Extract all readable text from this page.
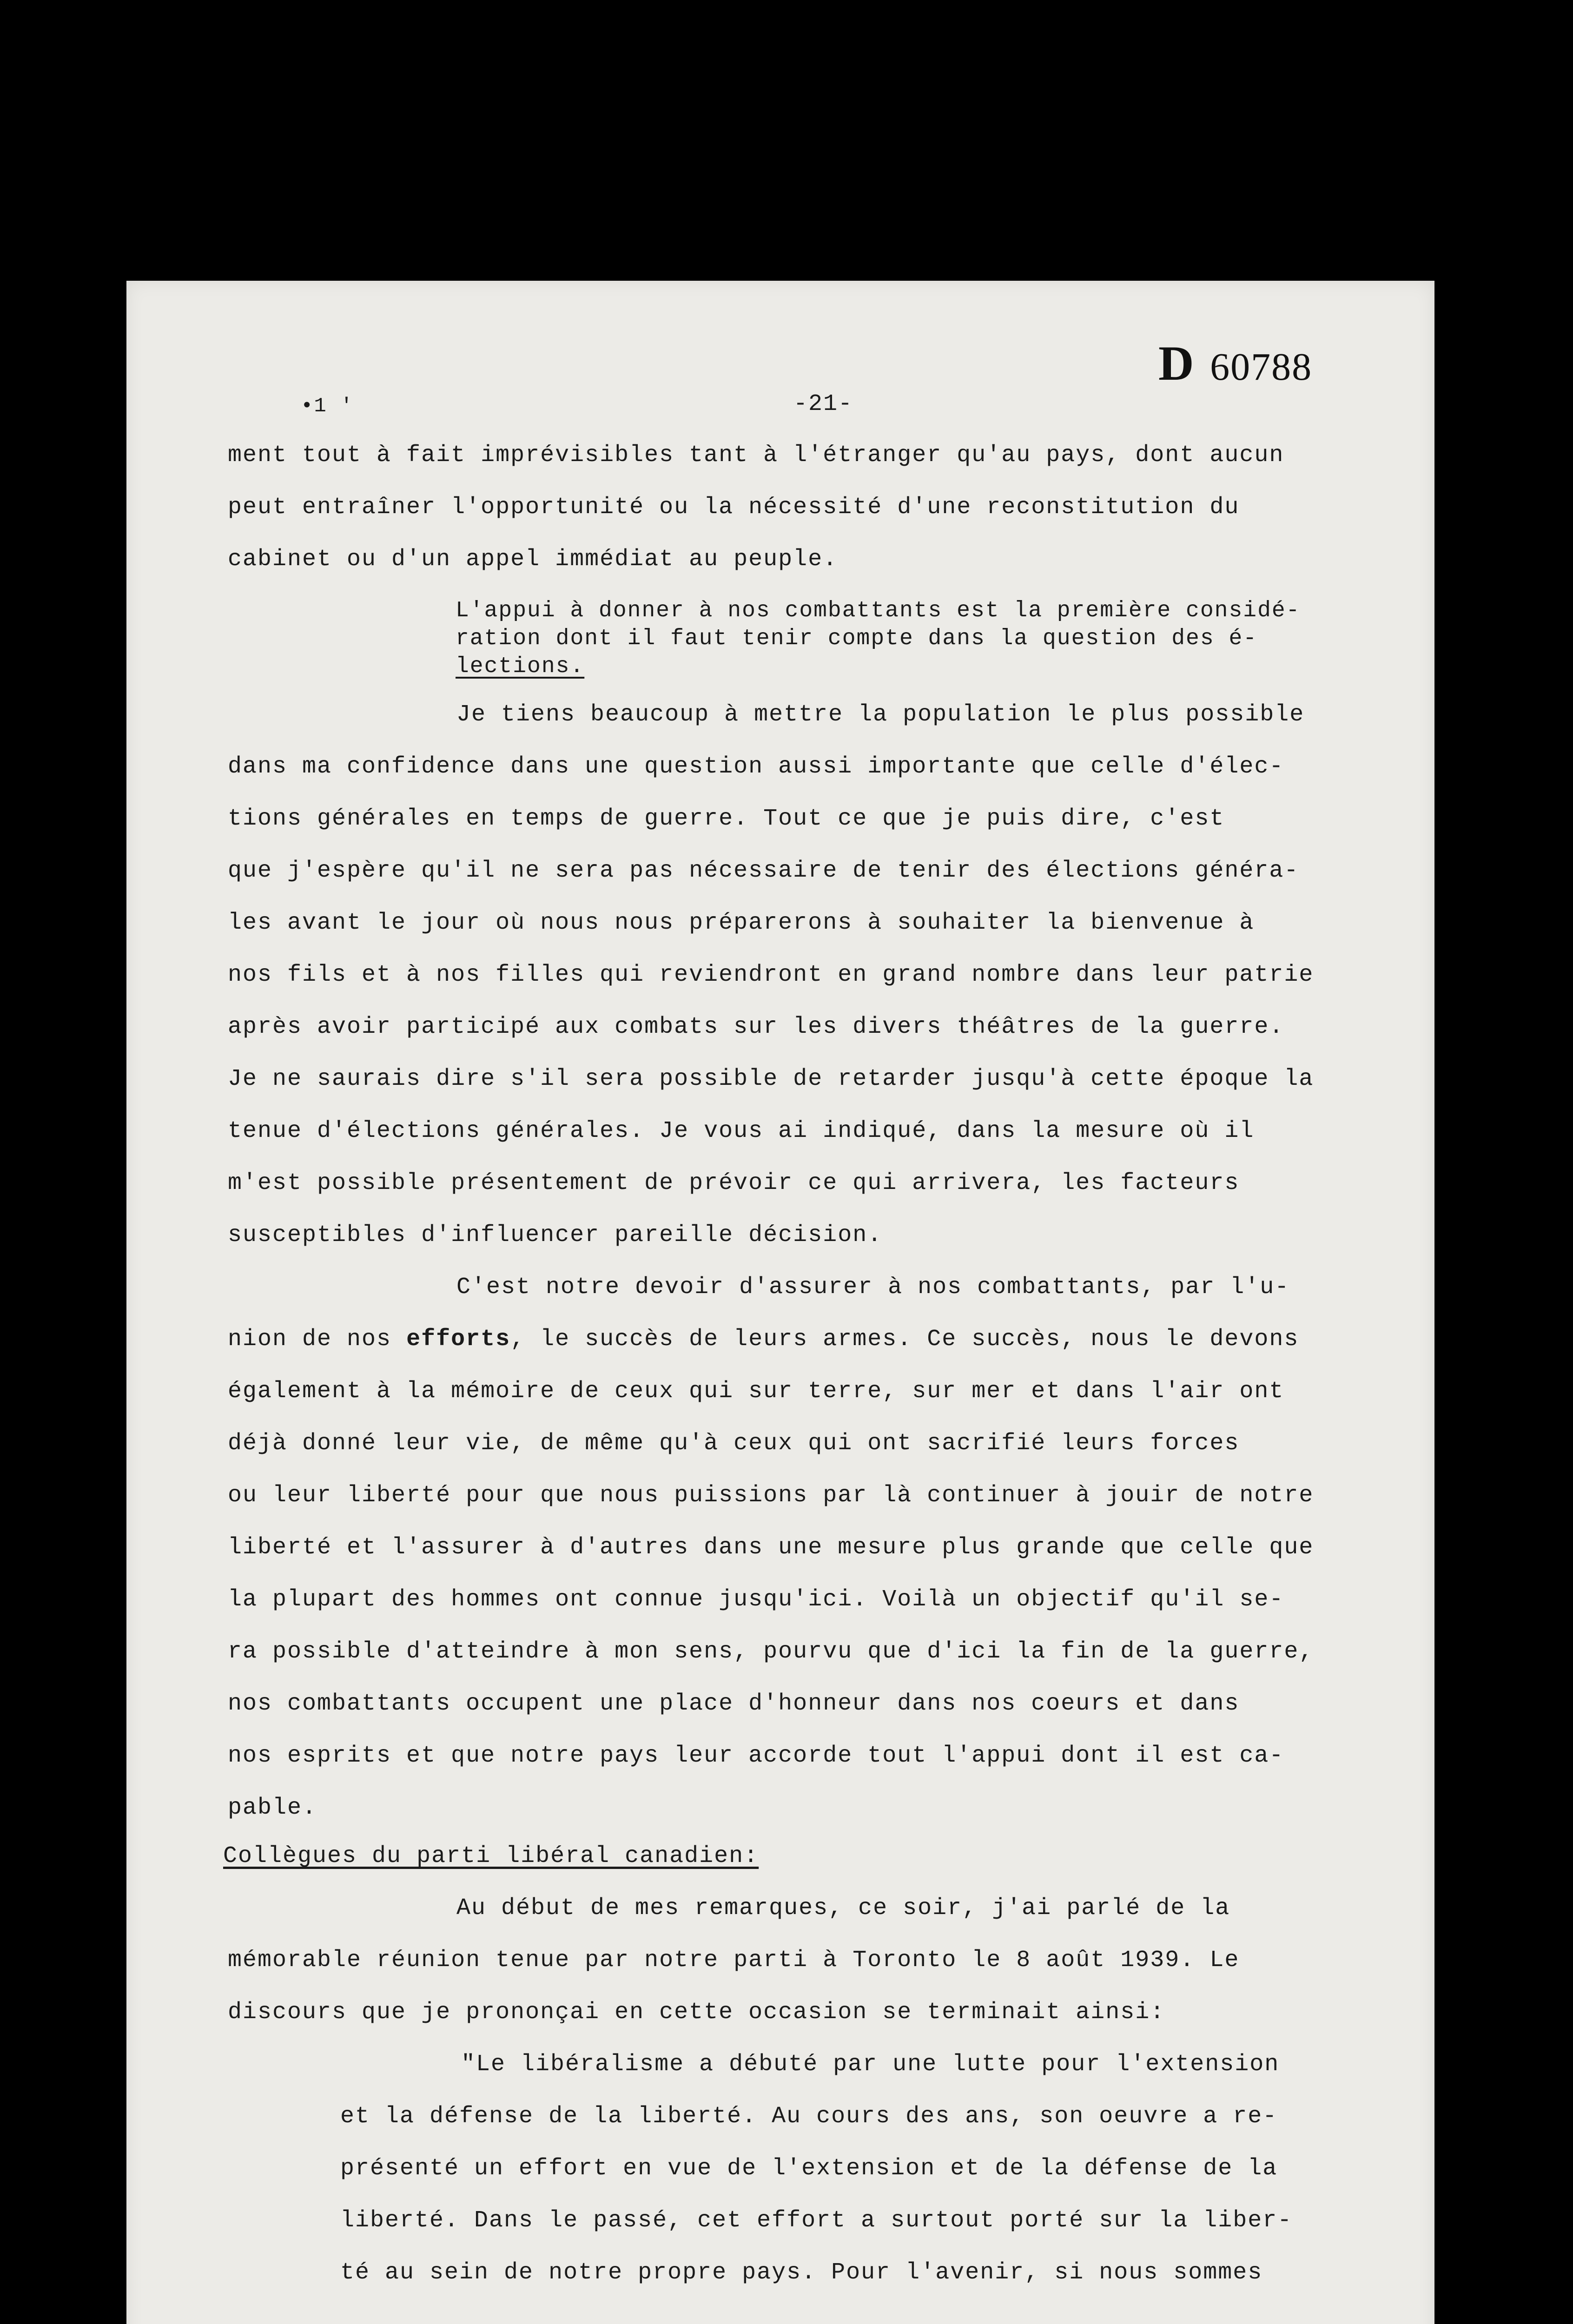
•1 '	-21-
D 60788
ment tout à fait imprévisibles tant à l'étranger qu'au pays, dont aucun
peut entraîner l'opportunité ou la nécessité d'une reconstitution du
cabinet ou d'un appel immédiat au peuple.
L'appui à donner à nos combattants est la première considé-
ration dont il faut tenir compte dans la question des é-
lections.
Je tiens beaucoup à mettre la population le plus possible
dans ma confidence dans une question aussi importante que celle d'élec-
tions générales en temps de guerre. Tout ce que je puis dire, c'est
que j'espère qu'il ne sera pas nécessaire de tenir des élections généra-
les avant le jour où nous nous préparerons à souhaiter la bienvenue à
nos fils et à nos filles qui reviendront en grand nombre dans leur patrie
après avoir participé aux combats sur les divers théâtres de la guerre.
Je ne saurais dire s'il sera possible de retarder jusqu'à cette époque la
tenue d'élections générales. Je vous ai indiqué, dans la mesure où il
m'est possible présentement de prévoir ce qui arrivera, les facteurs
susceptibles d'influencer pareille décision.
C'est notre devoir d'assurer à nos combattants, par l'u-
nion de nos efforts, le succès de leurs armes. Ce succès, nous le devons
également à la mémoire de ceux qui sur terre, sur mer et dans l'air ont
déjà donné leur vie, de même qu'à ceux qui ont sacrifié leurs forces
ou leur liberté pour que nous puissions par là continuer à jouir de notre
liberté et l'assurer à d'autres dans une mesure plus grande que celle que
la plupart des hommes ont connue jusqu'ici. Voilà un objectif qu'il se-
ra possible d'atteindre à mon sens, pourvu que d'ici la fin de la guerre,
nos combattants occupent une place d'honneur dans nos coeurs et dans
nos esprits et que notre pays leur accorde tout l'appui dont il est ca-
pable.
Collègues du parti libéral canadien:
Au début de mes remarques, ce soir, j'ai parlé de la
mémorable réunion tenue par notre parti à Toronto le 8 août 1939. Le
discours que je prononçai en cette occasion se terminait ainsi:
"Le libéralisme a débuté par une lutte pour l'extension
et la défense de la liberté. Au cours des ans, son oeuvre a re-
présenté un effort en vue de l'extension et de la défense de la
liberté. Dans le passé, cet effort a surtout porté sur la liber-
té au sein de notre propre pays. Pour l'avenir, si nous sommes
